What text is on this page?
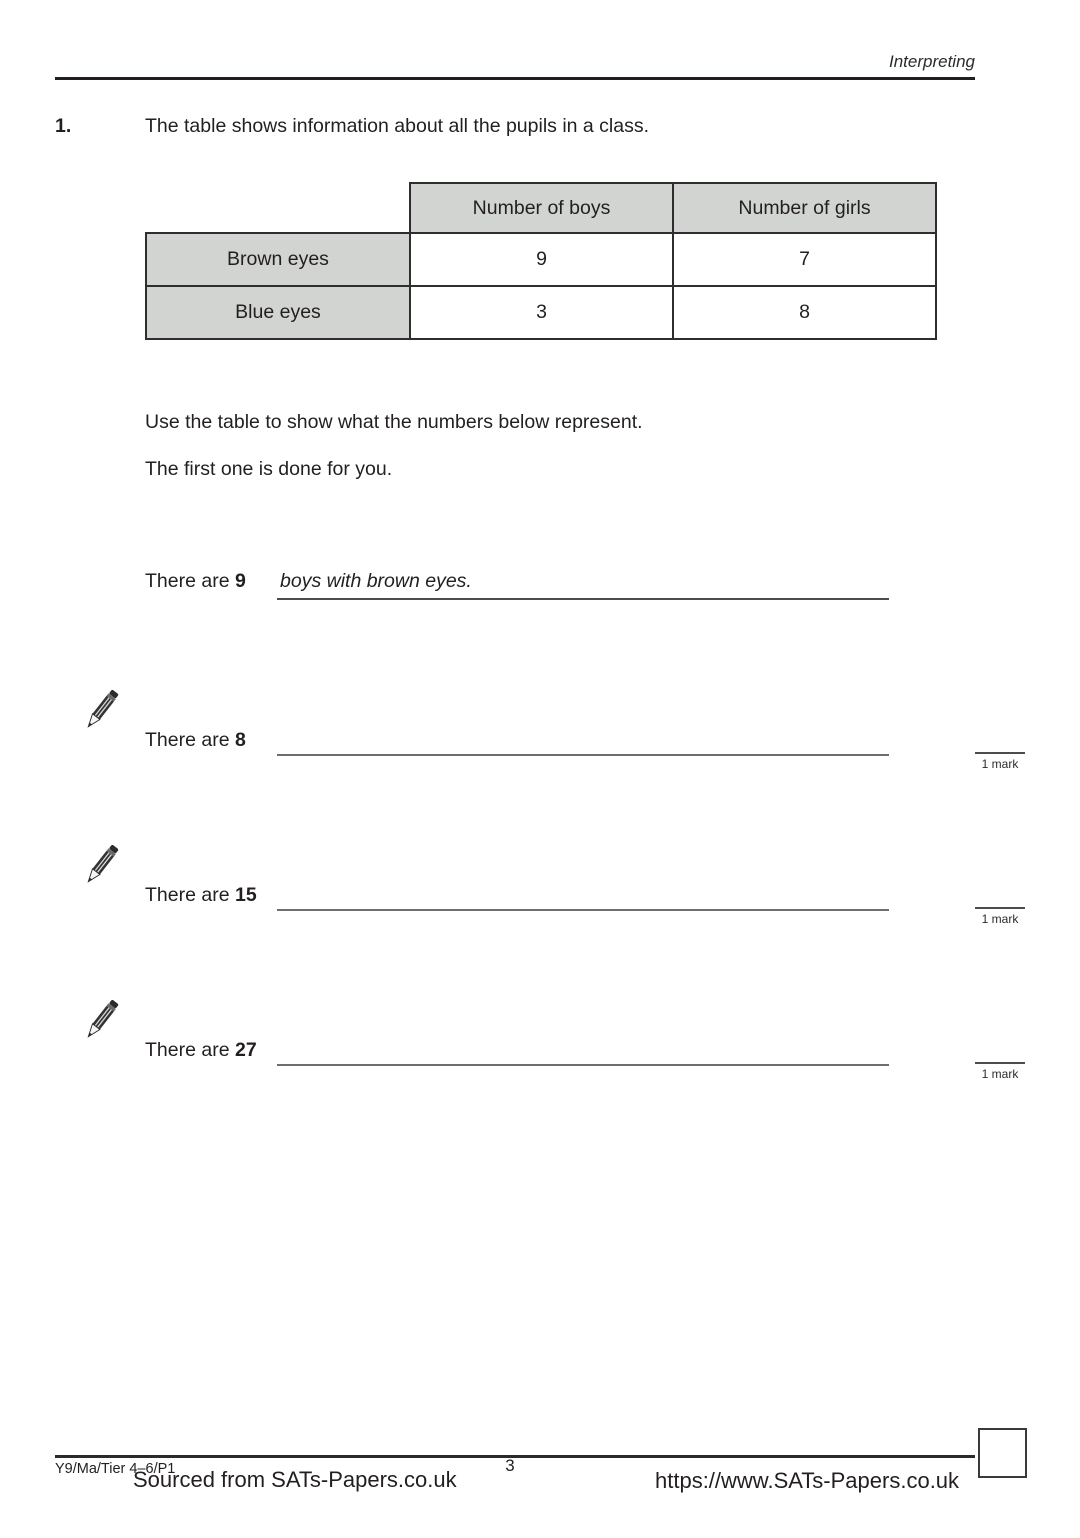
Interpreting
1.	The table shows information about all the pupils in a class.
	Number of boys	Number of girls
Brown eyes	9	7
Blue eyes	3	8
Use the table to show what the numbers below represent.
The first one is done for you.
There are 9 boys with brown eyes.
There are 8
1 mark
There are 15
1 mark
There are 27
1 mark
Y9/Ma/Tier 4–6/P1
Sourced from SATs-Papers.co.uk
3
https://www.SATs-Papers.co.uk
